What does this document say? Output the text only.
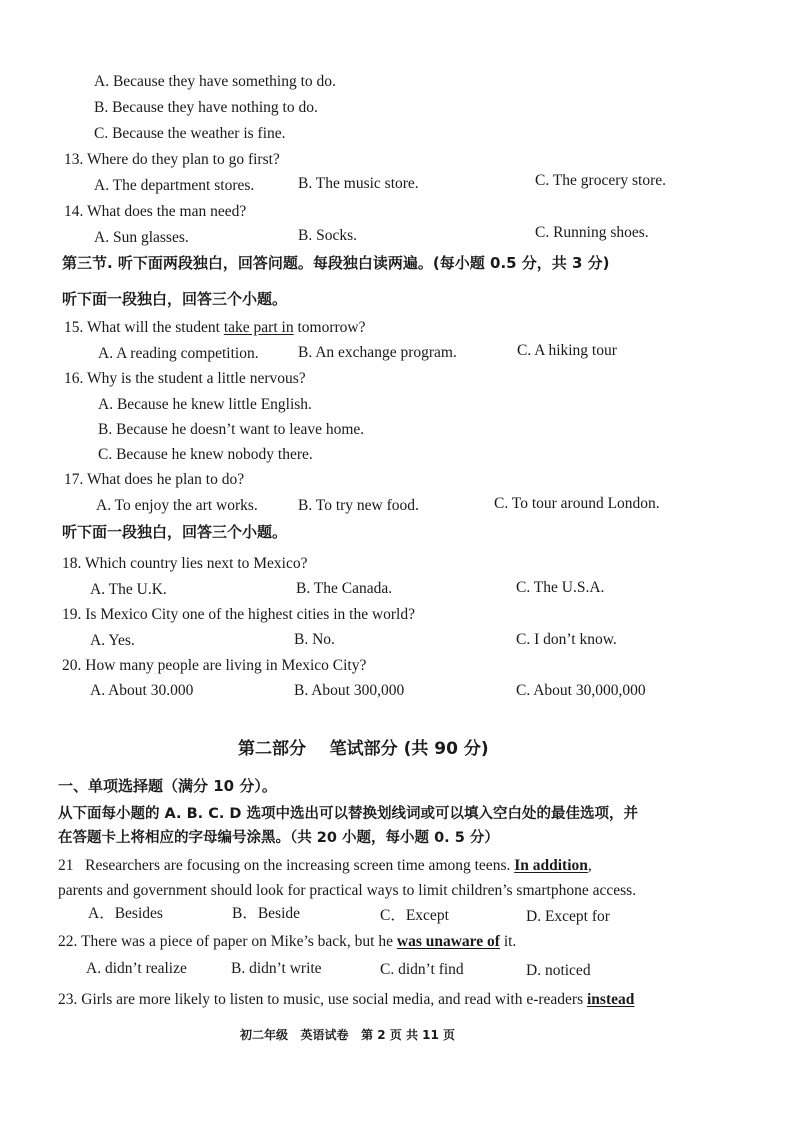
A. Because they have something to do.
B. Because they have nothing to do.
C. Because the weather is fine.
13. Where do they plan to go first?
A. The department stores.	B. The music store.	C. The grocery store.
14. What does the man need?
A. Sun glasses.	B. Socks.	C. Running shoes.
第三节. 听下面两段独白，回答问题。每段独白读两遍。(每小题 0.5 分，共 3 分)
听下面一段独白，回答三个小题。
15. What will the student take part in tomorrow?
A. A reading competition.	B. An exchange program.	C. A hiking tour
16. Why is the student a little nervous?
A. Because he knew little English.
B. Because he doesn’t want to leave home.
C. Because he knew nobody there.
17. What does he plan to do?
A. To enjoy the art works.	B. To try new food.	C. To tour around London.
听下面一段独白，回答三个小题。
18. Which country lies next to Mexico?
A. The U.K.	B. The Canada.	C. The U.S.A.
19. Is Mexico City one of the highest cities in the world?
A. Yes.	B. No.	C. I don’t know.
20. How many people are living in Mexico City?
A. About 30.000	B. About 300,000	C. About 30,000,000
第二部分    笔试部分 (共 90 分)
一、单项选择题（满分 10 分）。
从下面每小题的 A. B. C. D 选项中选出可以替换划线词或可以填入空白处的最佳选项，并
在答题卡上将相应的字母编号涂黑。（共 20 小题，每小题 0. 5 分）
21   Researchers are focusing on the increasing screen time among teens. In addition,
parents and government should look for practical ways to limit children’s smartphone access.
A．Besides	B．Beside	C．Except	D. Except for
22. There was a piece of paper on Mike’s back, but he was unaware of it.
A. didn’t realize	B. didn’t write	C. didn’t find	D. noticed
23. Girls are more likely to listen to music, use social media, and read with e-readers instead
初二年级   英语试卷   第 2 页 共 11 页
